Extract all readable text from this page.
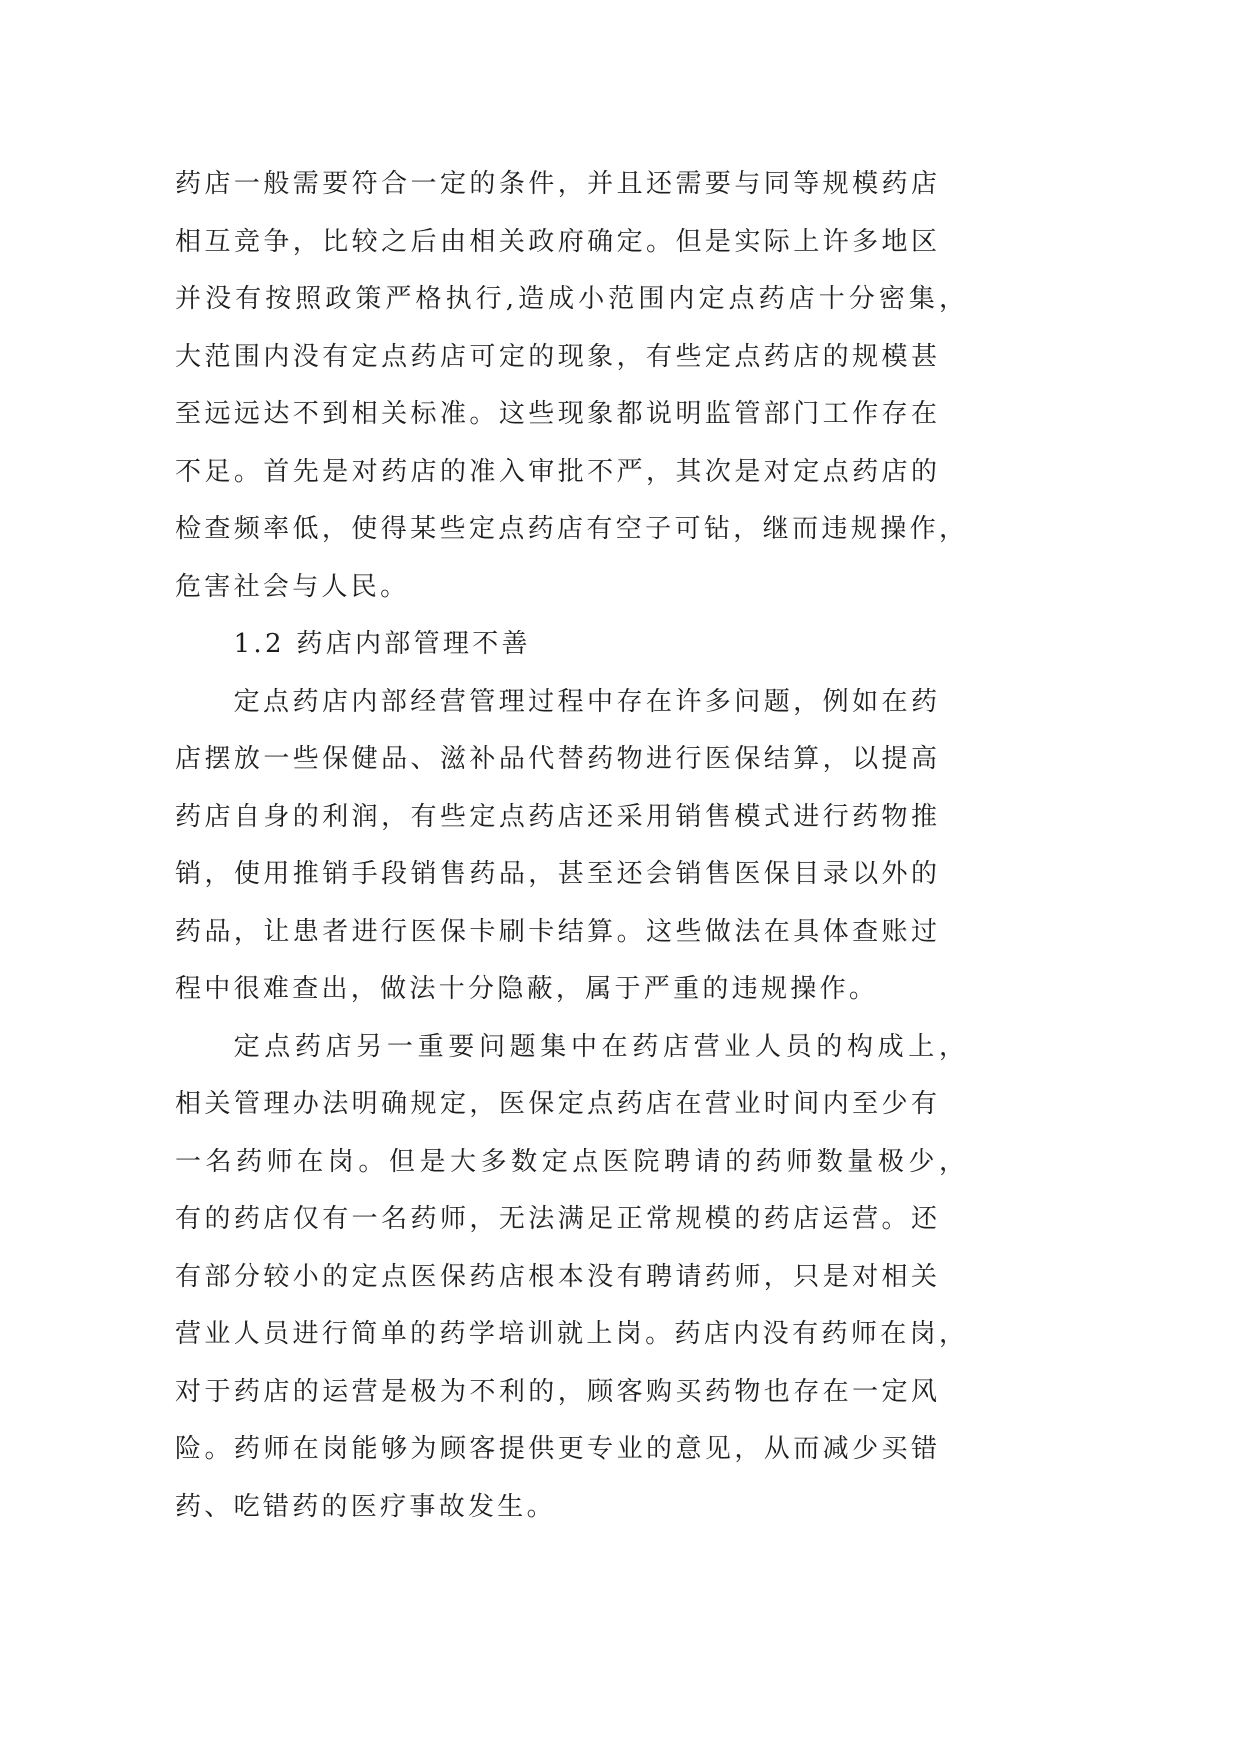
药店一般需要符合一定的条件，并且还需要与同等规模药店
相互竞争，比较之后由相关政府确定。但是实际上许多地区
并没有按照政策严格执行,造成小范围内定点药店十分密集，
大范围内没有定点药店可定的现象，有些定点药店的规模甚
至远远达不到相关标准。这些现象都说明监管部门工作存在
不足。首先是对药店的准入审批不严，其次是对定点药店的
检查频率低，使得某些定点药店有空子可钻，继而违规操作，
危害社会与人民。
1.2 药店内部管理不善
定点药店内部经营管理过程中存在许多问题，例如在药
店摆放一些保健品、滋补品代替药物进行医保结算，以提高
药店自身的利润，有些定点药店还采用销售模式进行药物推
销，使用推销手段销售药品，甚至还会销售医保目录以外的
药品，让患者进行医保卡刷卡结算。这些做法在具体查账过
程中很难查出，做法十分隐蔽，属于严重的违规操作。
定点药店另一重要问题集中在药店营业人员的构成上，
相关管理办法明确规定，医保定点药店在营业时间内至少有
一名药师在岗。但是大多数定点医院聘请的药师数量极少，
有的药店仅有一名药师，无法满足正常规模的药店运营。还
有部分较小的定点医保药店根本没有聘请药师，只是对相关
营业人员进行简单的药学培训就上岗。药店内没有药师在岗，
对于药店的运营是极为不利的，顾客购买药物也存在一定风
险。药师在岗能够为顾客提供更专业的意见，从而减少买错
药、吃错药的医疗事故发生。
